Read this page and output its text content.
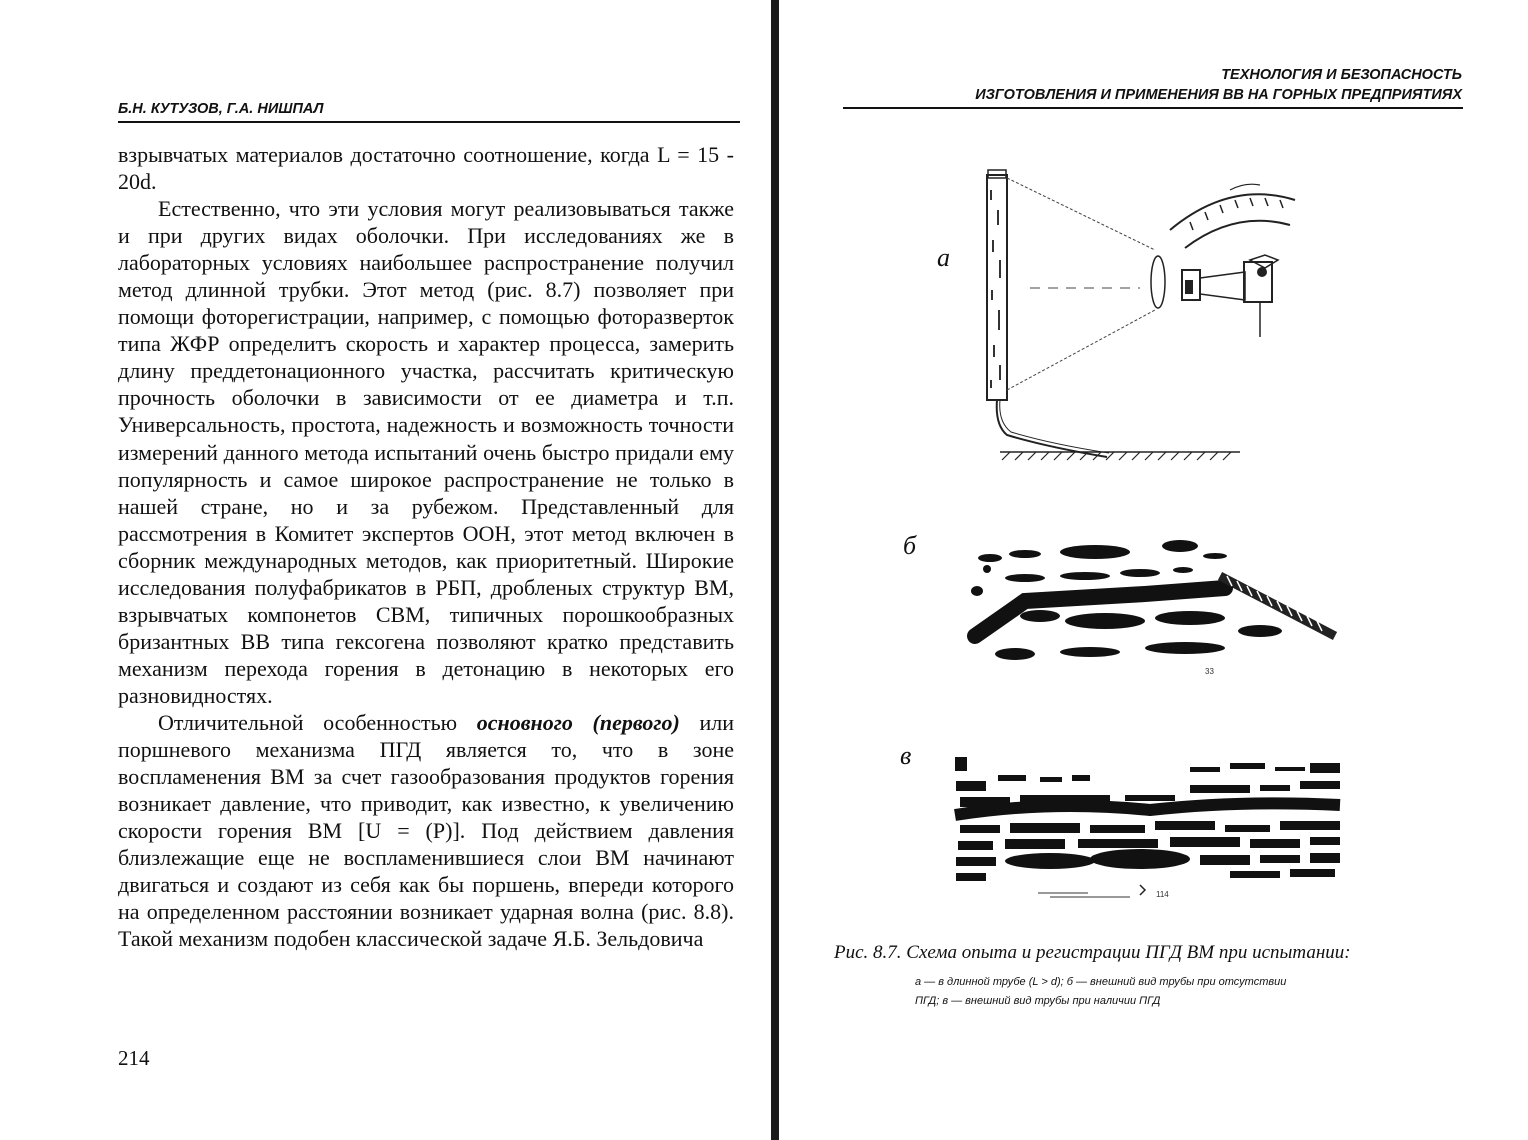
Б.Н. КУТУЗОВ, Г.А. НИШПАЛ

взрывчатых материалов достаточно соотношение, когда L = 15 - 20d.

Естественно, что эти условия могут реализовываться также и при других видах оболочки. При исследованиях же в лабораторных условиях наибольшее распространение получил метод длинной трубки. Этот метод (рис. 8.7) позволяет при помощи фоторегистрации, например, с помощью фоторазверток типа ЖФР определитъ скорость и характер процесса, замерить длину преддетонационного участка, рассчитать критическую прочность оболочки в зависимости от ее диаметра и т.п. Универсальность, простота, надежность и возможность точности измерений данного метода испытаний очень быстро придали ему популярность и самое широкое распространение не только в нашей стране, но и за рубежом. Представленный для рассмотрения в Комитет экспертов ООН, этот метод включен в сборник международных методов, как приоритетный. Широкие исследования полуфабрикатов в РБП, дробленых структур ВМ, взрывчатых компонетов СВМ, типичных порошкообразных бризантных ВВ типа гексогена позволяют кратко представить механизм перехода горения в детонацию в некоторых его разновидностях.

Отличительной особенностью основного (первого) или поршневого механизма ПГД является то, что в зоне воспламенения ВМ за счет газообразования продуктов горения возникает давление, что приводит, как известно, к увеличению скорости горения ВМ [U = (P)]. Под действием давления близлежащие еще не воспламенившиеся слои ВМ начинают двигаться и создают из себя как бы поршень, впереди которого на определенном расстоянии возникает ударная волна (рис. 8.8). Такой механизм подобен классической задаче Я.Б. Зельдовича

214
ТЕХНОЛОГИЯ И БЕЗОПАСНОСТЬ
ИЗГОТОВЛЕНИЯ И ПРИМЕНЕНИЯ ВВ НА ГОРНЫХ ПРЕДПРИЯТИЯХ
a
б
33
в
114
Рис. 8.7. Схема опыта и регистрации ПГД ВМ при испытании:
а — в длинной трубе (L > d); б — внешний вид трубы при отсутствии
ПГД; в — внешний вид трубы при наличии ПГД
